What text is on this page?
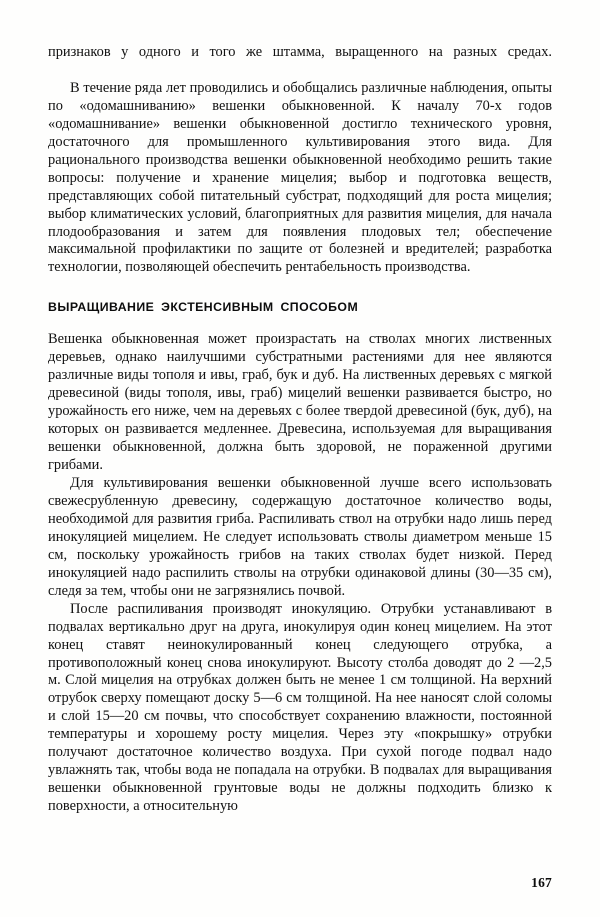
признаков у одного и того же штамма, выращенного на разных средах.

В течение ряда лет проводились и обобщались различные наблюдения, опыты по «одомашниванию» вешенки обыкновенной. К началу 70-х годов «одомашнивание» вешенки обыкновенной достигло технического уровня, достаточного для промышленного культивирования этого вида. Для рационального производства вешенки обыкновенной необходимо решить такие вопросы: получение и хранение мицелия; выбор и подготовка веществ, представляющих собой питательный субстрат, подходящий для роста мицелия; выбор климатических условий, благоприятных для развития мицелия, для начала плодообразования и затем для появления плодовых тел; обеспечение максимальной профилактики по защите от болезней и вредителей; разработка технологии, позволяющей обеспечить рентабельность производства.

ВЫРАЩИВАНИЕ ЭКСТЕНСИВНЫМ СПОСОБОМ

Вешенка обыкновенная может произрастать на стволах многих лиственных деревьев, однако наилучшими субстратными растениями для нее являются различные виды тополя и ивы, граб, бук и дуб. На лиственных деревьях с мягкой древесиной (виды тополя, ивы, граб) мицелий вешенки развивается быстро, но урожайность его ниже, чем на деревьях с более твердой древесиной (бук, дуб), на которых он развивается медленнее. Древесина, используемая для выращивания вешенки обыкновенной, должна быть здоровой, не пораженной другими грибами.

Для культивирования вешенки обыкновенной лучше всего использовать свежесрубленную древесину, содержащую достаточное количество воды, необходимой для развития гриба. Распиливать ствол на отрубки надо лишь перед инокуляцией мицелием. Не следует использовать стволы диаметром меньше 15 см, поскольку урожайность грибов на таких стволах будет низкой. Перед инокуляцией надо распилить стволы на отрубки одинаковой длины (30—35 см), следя за тем, чтобы они не загрязнялись почвой.

После распиливания производят инокуляцию. Отрубки устанавливают в подвалах вертикально друг на друга, инокулируя один конец мицелием. На этот конец ставят неинокулированный конец следующего отрубка, а противоположный конец снова инокулируют. Высоту столба доводят до 2 —2,5 м. Слой мицелия на отрубках должен быть не менее 1 см толщиной. На верхний отрубок сверху помещают доску 5—6 см толщиной. На нее наносят слой соломы и слой 15—20 см почвы, что способствует сохранению влажности, постоянной температуры и хорошему росту мицелия. Через эту «покрышку» отрубки получают достаточное количество воздуха. При сухой погоде подвал надо увлажнять так, чтобы вода не попадала на отрубки. В подвалах для выращивания вешенки обыкновенной грунтовые воды не должны подходить близко к поверхности, а относительную

167
